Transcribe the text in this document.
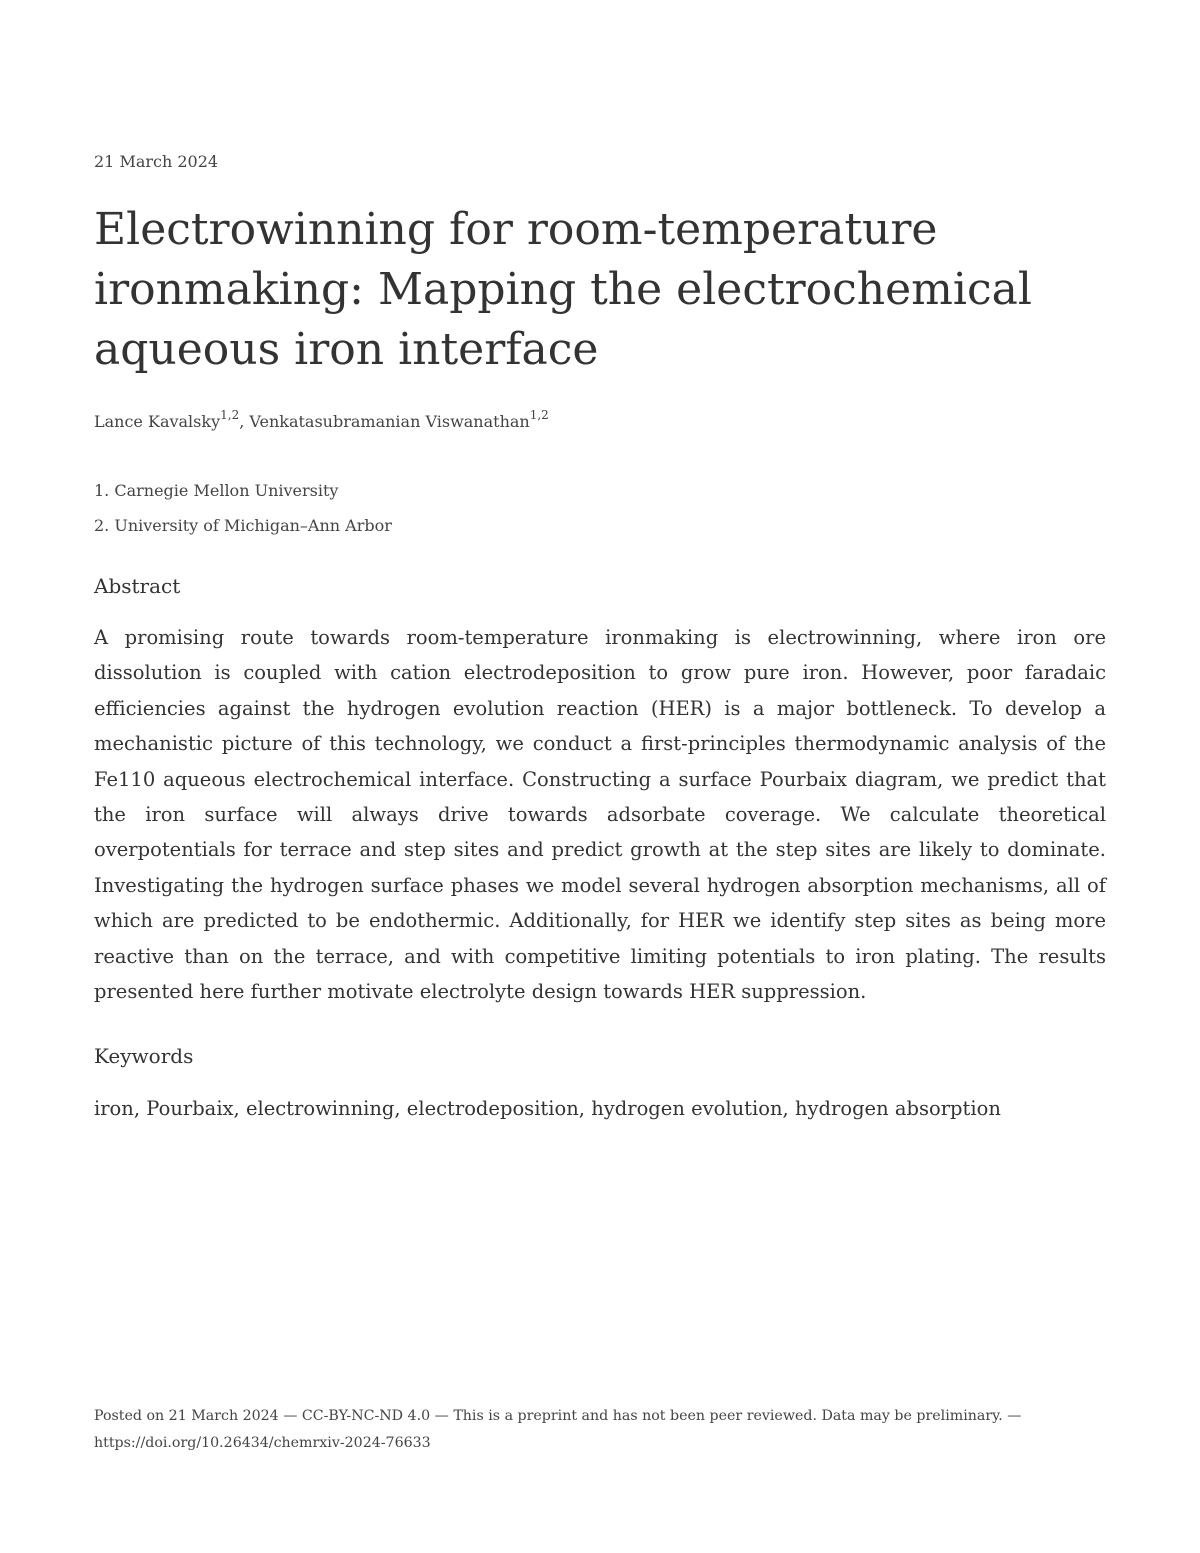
21 March 2024
Electrowinning for room-temperature ironmaking: Mapping the electrochemical aqueous iron interface
Lance Kavalsky$^{1,2}$, Venkatasubramanian Viswanathan$^{1,2}$
1. Carnegie Mellon University
2. University of Michigan–Ann Arbor
Abstract

A promising route towards room-temperature ironmaking is electrowinning, where iron ore dissolution is coupled with cation electrodeposition to grow pure iron. However, poor faradaic efficiencies against the hydrogen evolution reaction (HER) is a major bottleneck. To develop a mechanistic picture of this technology, we conduct a first-principles thermodynamic analysis of the Fe110 aqueous electrochemical interface. Constructing a surface Pourbaix diagram, we predict that the iron surface will always drive towards adsorbate coverage. We calculate theoretical overpotentials for terrace and step sites and predict growth at the step sites are likely to dominate. Investigating the hydrogen surface phases we model several hydrogen absorption mechanisms, all of which are predicted to be endothermic. Additionally, for HER we identify step sites as being more reactive than on the terrace, and with competitive limiting potentials to iron plating. The results presented here further motivate electrolyte design towards HER suppression.

Keywords

iron, Pourbaix, electrowinning, electrodeposition, hydrogen evolution, hydrogen absorption

Posted on 21 March 2024 — CC-BY-NC-ND 4.0 — This is a preprint and has not been peer reviewed. Data may be preliminary. — https://doi.org/10.26434/chemrxiv-2024-76633
